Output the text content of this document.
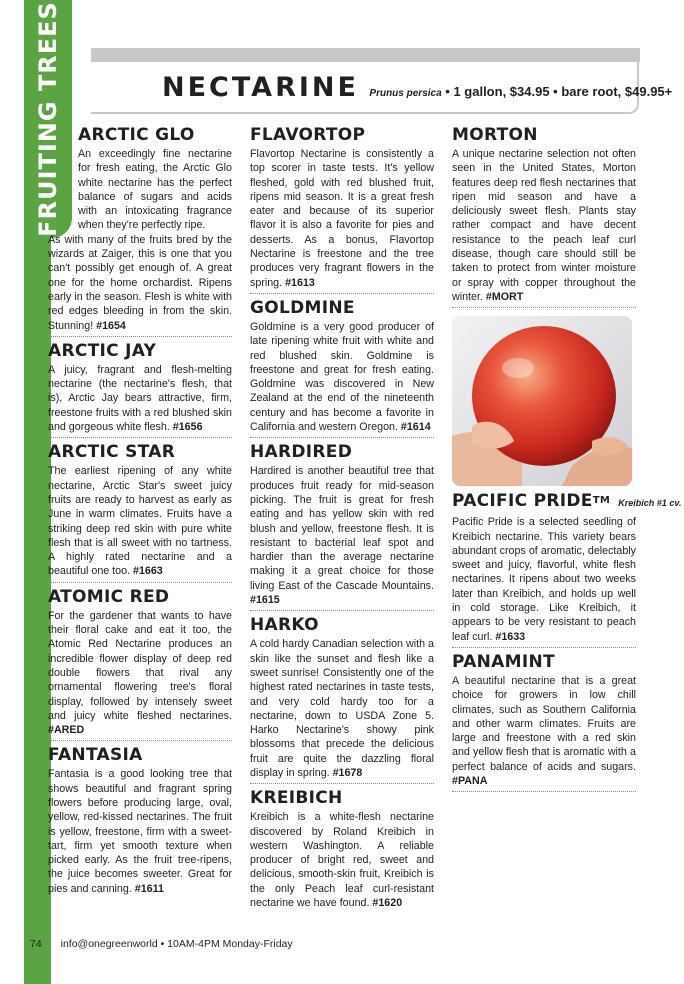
FRUITING TREES	NECTARINE Prunus persica • 1 gallon, $34.95 • bare root, $49.95+
ARCTIC GLO

An exceedingly fine nectarine for fresh eating, the Arctic Glo white nectarine has the perfect balance of sugars and acids with an intoxicating fragrance when they're perfectly ripe.
As with many of the fruits bred by the wizards at Zaiger, this is one that you can't possibly get enough of. A great one for the home orchardist. Ripens early in the season. Flesh is white with red edges bleeding in from the skin. Stunning! #1654

ARCTIC JAY

A juicy, fragrant and flesh-melting nectarine (the nectarine's flesh, that is), Arctic Jay bears attractive, firm, freestone fruits with a red blushed skin and gorgeous white flesh. #1656

ARCTIC STAR

The earliest ripening of any white nectarine, Arctic Star's sweet juicy fruits are ready to harvest as early as June in warm climates. Fruits have a striking deep red skin with pure white flesh that is all sweet with no tartness. A highly rated nectarine and a beautiful one too. #1663

ATOMIC RED

For the gardener that wants to have their floral cake and eat it too, the Atomic Red Nectarine produces an incredible flower display of deep red double flowers that rival any ornamental flowering tree's floral display, followed by intensely sweet and juicy white fleshed nectarines. #ARED

FANTASIA

Fantasia is a good looking tree that shows beautiful and fragrant spring flowers before producing large, oval, yellow, red-kissed nectarines. The fruit is yellow, freestone, firm with a sweet-tart, firm yet smooth texture when picked early. As the fruit tree-ripens, the juice becomes sweeter. Great for pies and canning. #1611

FLAVORTOP

Flavortop Nectarine is consistently a top scorer in taste tests. It's yellow fleshed, gold with red blushed fruit, ripens mid season. It is a great fresh eater and because of its superior flavor it is also a favorite for pies and desserts. As a bonus, Flavortop Nectarine is freestone and the tree produces very fragrant flowers in the spring. #1613

GOLDMINE

Goldmine is a very good producer of late ripening white fruit with white and red blushed skin. Goldmine is freestone and great for fresh eating. Goldmine was discovered in New Zealand at the end of the nineteenth century and has become a favorite in California and western Oregon. #1614

HARDIRED

Hardired is another beautiful tree that produces fruit ready for mid-season picking. The fruit is great for fresh eating and has yellow skin with red blush and yellow, freestone flesh. It is resistant to bacterial leaf spot and hardier than the average nectarine making it a great choice for those living East of the Cascade Mountains. #1615

HARKO

A cold hardy Canadian selection with a skin like the sunset and flesh like a sweet sunrise! Consistently one of the highest rated nectarines in taste tests, and very cold hardy too for a nectarine, down to USDA Zone 5. Harko Nectarine's showy pink blossoms that precede the delicious fruit are quite the dazzling floral display in spring. #1678

KREIBICH

Kreibich is a white-flesh nectarine discovered by Roland Kreibich in western Washington. A reliable producer of bright red, sweet and delicious, smooth-skin fruit, Kreibich is the only Peach leaf curl-resistant nectarine we have found. #1620

MORTON

A unique nectarine selection not often seen in the United States, Morton features deep red flesh nectarines that ripen mid season and have a deliciously sweet flesh. Plants stay rather compact and have decent resistance to the peach leaf curl disease, though care should still be taken to protect from winter moisture or spray with copper throughout the winter. #MORT

PACIFIC PRIDE™ Kreibich #1 cv.

Pacific Pride is a selected seedling of Kreibich nectarine. This variety bears abundant crops of aromatic, delectably sweet and juicy, flavorful, white flesh nectarines. It ripens about two weeks later than Kreibich, and holds up well in cold storage. Like Kreibich, it appears to be very resistant to peach leaf curl. #1633

PANAMINT

A beautiful nectarine that is a great choice for growers in low chill climates, such as Southern California and other warm climates. Fruits are large and freestone with a red skin and yellow flesh that is aromatic with a perfect balance of acids and sugars. #PANA

74 info@onegreenworld • 10AM-4PM Monday-Friday
